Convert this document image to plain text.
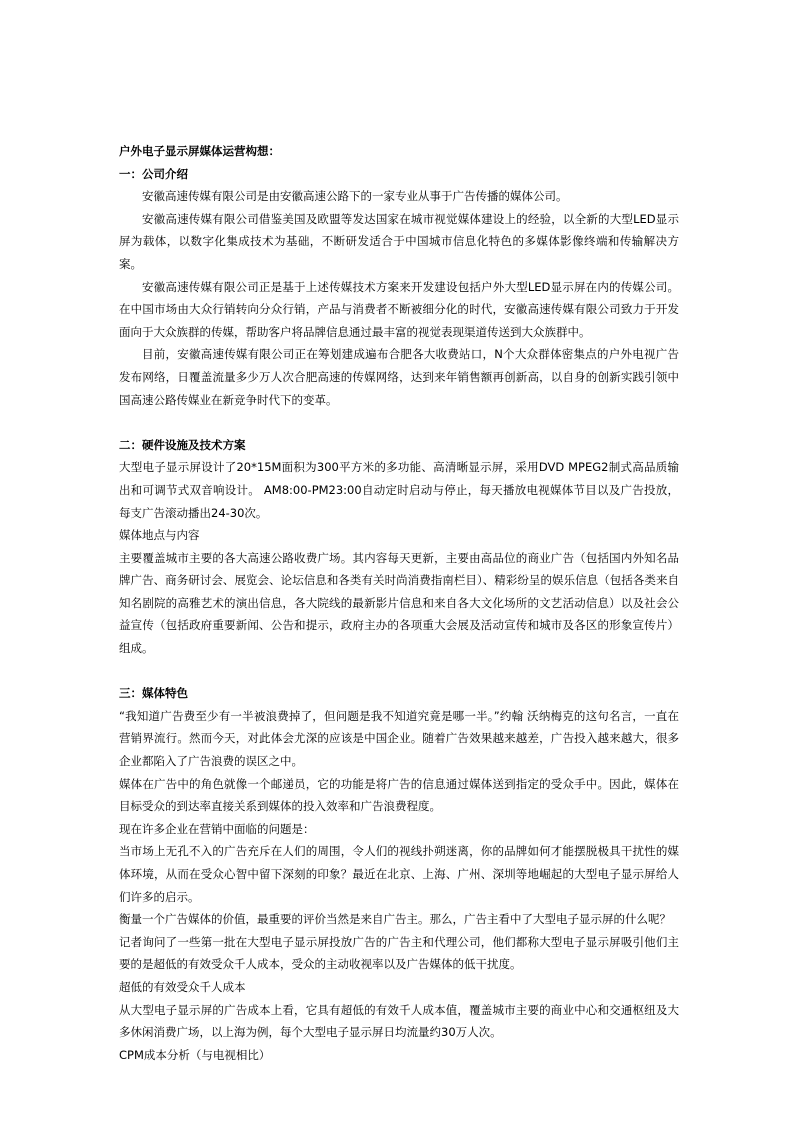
户外电子显示屏媒体运营构想：

一：公司介绍

安徽高速传媒有限公司是由安徽高速公路下的一家专业从事于广告传播的媒体公司。

安徽高速传媒有限公司借鉴美国及欧盟等发达国家在城市视觉媒体建设上的经验，以全新的大型LED显示屏为载体，以数字化集成技术为基础，不断研发适合于中国城市信息化特色的多媒体影像终端和传输解决方案。

安徽高速传媒有限公司正是基于上述传媒技术方案来开发建设包括户外大型LED显示屏在内的传媒公司。在中国市场由大众行销转向分众行销，产品与消费者不断被细分化的时代，安徽高速传媒有限公司致力于开发面向于大众族群的传媒，帮助客户将品牌信息通过最丰富的视觉表现渠道传送到大众族群中。

目前，安徽高速传媒有限公司正在筹划建成遍布合肥各大收费站口，N个大众群体密集点的户外电视广告发布网络，日覆盖流量多少万人次合肥高速的传媒网络，达到来年销售额再创新高，以自身的创新实践引领中国高速公路传媒业在新竞争时代下的变革。

二：硬件设施及技术方案

大型电子显示屏设计了20*15M面积为300平方米的多功能、高清晰显示屏，采用DVD MPEG2制式高品质输出和可调节式双音响设计。 AM8:00-PM23:00自动定时启动与停止，每天播放电视媒体节目以及广告投放，每支广告滚动播出24-30次。

媒体地点与内容

主要覆盖城市主要的各大高速公路收费广场。其内容每天更新，主要由高品位的商业广告（包括国内外知名品牌广告、商务研讨会、展览会、论坛信息和各类有关时尚消费指南栏目）、精彩纷呈的娱乐信息（包括各类来自知名剧院的高雅艺术的演出信息，各大院线的最新影片信息和来自各大文化场所的文艺活动信息）以及社会公益宣传（包括政府重要新闻、公告和提示，政府主办的各项重大会展及活动宣传和城市及各区的形象宣传片）组成。

三：媒体特色

“我知道广告费至少有一半被浪费掉了，但问题是我不知道究竟是哪一半。”约翰 沃纳梅克的这句名言，一直在营销界流行。然而今天，对此体会尤深的应该是中国企业。随着广告效果越来越差，广告投入越来越大，很多企业都陷入了广告浪费的误区之中。

媒体在广告中的角色就像一个邮递员，它的功能是将广告的信息通过媒体送到指定的受众手中。因此，媒体在目标受众的到达率直接关系到媒体的投入效率和广告浪费程度。

现在许多企业在营销中面临的问题是：

当市场上无孔不入的广告充斥在人们的周围，令人们的视线扑朔迷离，你的品牌如何才能摆脱极具干扰性的媒体环境，从而在受众心智中留下深刻的印象？最近在北京、上海、广州、深圳等地崛起的大型电子显示屏给人们许多的启示。

衡量一个广告媒体的价值，最重要的评价当然是来自广告主。那么，广告主看中了大型电子显示屏的什么呢？

记者询问了一些第一批在大型电子显示屏投放广告的广告主和代理公司，他们都称大型电子显示屏吸引他们主要的是超低的有效受众千人成本，受众的主动收视率以及广告媒体的低干扰度。

超低的有效受众千人成本

从大型电子显示屏的广告成本上看，它具有超低的有效千人成本值，覆盖城市主要的商业中心和交通枢纽及大多休闲消费广场，以上海为例，每个大型电子显示屏日均流量约30万人次。

CPM成本分析（与电视相比）
